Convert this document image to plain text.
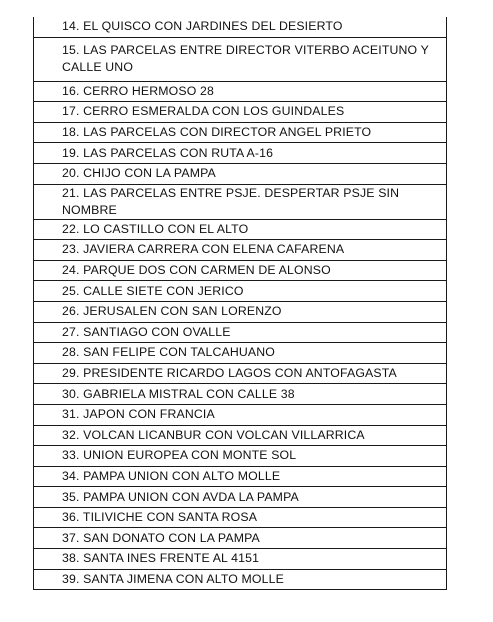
14. EL QUISCO CON JARDINES DEL DESIERTO
15. LAS PARCELAS ENTRE DIRECTOR VITERBO ACEITUNO Y CALLE UNO
16. CERRO HERMOSO 28
17. CERRO ESMERALDA CON LOS GUINDALES
18. LAS PARCELAS CON DIRECTOR ANGEL PRIETO
19. LAS PARCELAS CON RUTA A-16
20. CHIJO CON LA PAMPA
21. LAS PARCELAS ENTRE PSJE. DESPERTAR PSJE SIN NOMBRE
22. LO CASTILLO CON EL ALTO
23. JAVIERA CARRERA CON ELENA CAFARENA
24. PARQUE DOS CON CARMEN DE ALONSO
25. CALLE SIETE CON JERICO
26. JERUSALEN CON SAN LORENZO
27. SANTIAGO CON OVALLE
28. SAN FELIPE CON TALCAHUANO
29. PRESIDENTE RICARDO LAGOS CON ANTOFAGASTA
30. GABRIELA MISTRAL CON CALLE 38
31. JAPON CON FRANCIA
32. VOLCAN LICANBUR CON VOLCAN VILLARRICA
33. UNION EUROPEA CON MONTE SOL
34. PAMPA UNION CON ALTO MOLLE
35. PAMPA UNION CON AVDA LA PAMPA
36. TILIVICHE CON SANTA ROSA
37. SAN DONATO CON LA PAMPA
38. SANTA INES FRENTE AL 4151
39. SANTA JIMENA CON ALTO MOLLE
